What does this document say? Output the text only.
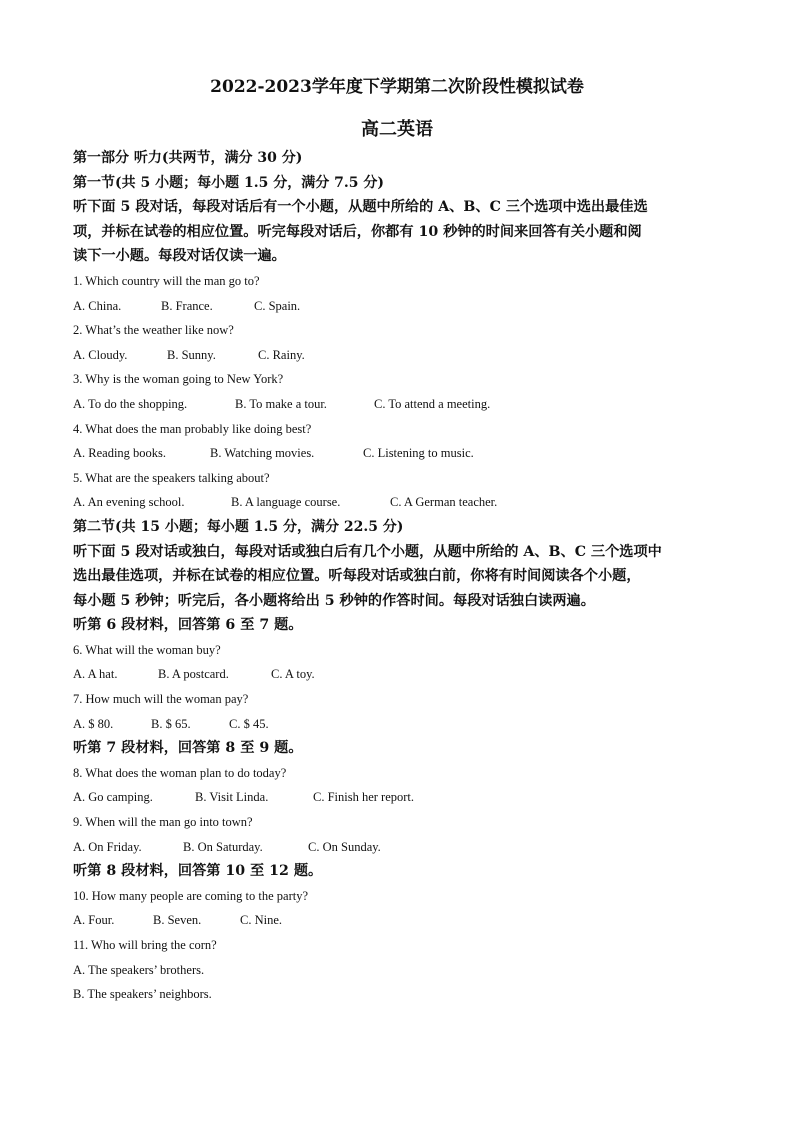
2022-2023学年度下学期第二次阶段性模拟试卷
高二英语
第一部分 听力(共两节，满分 30 分)
第一节(共 5 小题；每小题 1.5 分，满分 7.5 分)
听下面 5 段对话，每段对话后有一个小题，从题中所给的 A、B、C 三个选项中选出最佳选
项，并标在试卷的相应位置。听完每段对话后，你都有 10 秒钟的时间来回答有关小题和阅
读下一小题。每段对话仅读一遍。
1. Which country will the man go to?
A. China.	B. France.	C. Spain.
2. What’s the weather like now?
A. Cloudy.	B. Sunny.	C. Rainy.
3. Why is the woman going to New York?
A. To do the shopping.	B. To make a tour.	C. To attend a meeting.
4. What does the man probably like doing best?
A. Reading books.	B. Watching movies.	C. Listening to music.
5. What are the speakers talking about?
A. An evening school.	B. A language course.	C. A German teacher.
第二节(共 15 小题；每小题 1.5 分，满分 22.5 分)
听下面 5 段对话或独白，每段对话或独白后有几个小题，从题中所给的 A、B、C 三个选项中
选出最佳选项，并标在试卷的相应位置。听每段对话或独白前，你将有时间阅读各个小题，
每小题 5 秒钟；听完后，各小题将给出 5 秒钟的作答时间。每段对话独白读两遍。
听第 6 段材料，回答第 6 至 7 题。
6. What will the woman buy?
A. A hat.	B. A postcard.	C. A toy.
7. How much will the woman pay?
A. $ 80.	B. $ 65.	C. $ 45.
听第 7 段材料，回答第 8 至 9 题。
8. What does the woman plan to do today?
A. Go camping.	B. Visit Linda.	C. Finish her report.
9. When will the man go into town?
A. On Friday.	B. On Saturday.	C. On Sunday.
听第 8 段材料，回答第 10 至 12 题。
10. How many people are coming to the party?
A. Four.	B. Seven.	C. Nine.
11. Who will bring the corn?
A. The speakers’ brothers.
B. The speakers’ neighbors.
